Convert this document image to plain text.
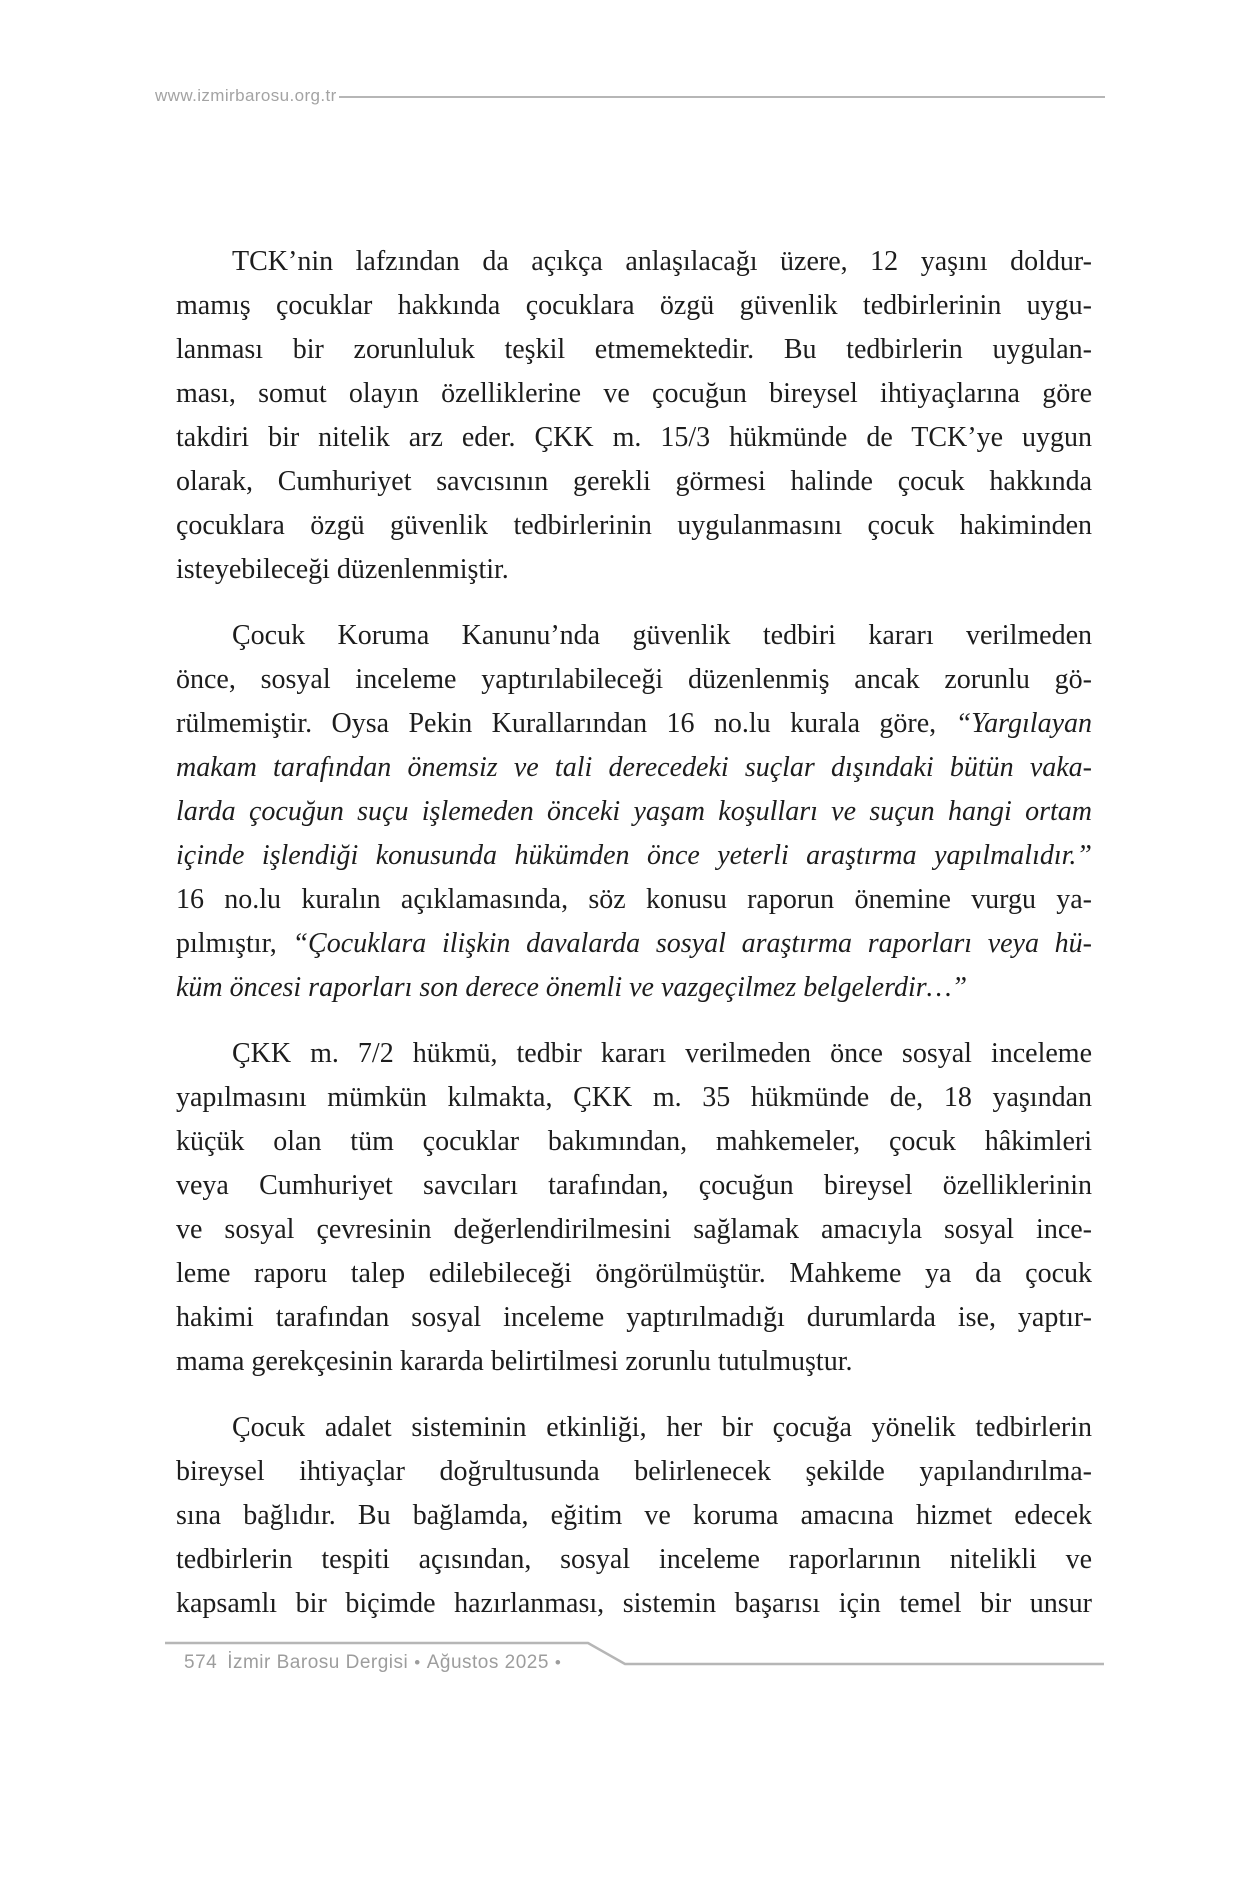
www.izmirbarosu.org.tr
TCK’nin lafzından da açıkça anlaşılacağı üzere, 12 yaşını doldur-
mamış çocuklar hakkında çocuklara özgü güvenlik tedbirlerinin uygu-
lanması bir zorunluluk teşkil etmemektedir. Bu tedbirlerin uygulan-
ması, somut olayın özelliklerine ve çocuğun bireysel ihtiyaçlarına göre
takdiri bir nitelik arz eder. ÇKK m. 15/3 hükmünde de TCK’ye uygun
olarak, Cumhuriyet savcısının gerekli görmesi halinde çocuk hakkında
çocuklara özgü güvenlik tedbirlerinin uygulanmasını çocuk hakiminden
isteyebileceği düzenlenmiştir.
Çocuk Koruma Kanunu’nda güvenlik tedbiri kararı verilmeden
önce, sosyal inceleme yaptırılabileceği düzenlenmiş ancak zorunlu gö-
rülmemiştir. Oysa Pekin Kurallarından 16 no.lu kurala göre, “Yargılayan
makam tarafından önemsiz ve tali derecedeki suçlar dışındaki bütün vaka-
larda çocuğun suçu işlemeden önceki yaşam koşulları ve suçun hangi ortam
içinde işlendiği konusunda hükümden önce yeterli araştırma yapılmalıdır.”
16 no.lu kuralın açıklamasında, söz konusu raporun önemine vurgu ya-
pılmıştır, “Çocuklara ilişkin davalarda sosyal araştırma raporları veya hü-
küm öncesi raporları son derece önemli ve vazgeçilmez belgelerdir…”
ÇKK m. 7/2 hükmü, tedbir kararı verilmeden önce sosyal inceleme
yapılmasını mümkün kılmakta, ÇKK m. 35 hükmünde de, 18 yaşından
küçük olan tüm çocuklar bakımından, mahkemeler, çocuk hâkimleri
veya Cumhuriyet savcıları tarafından, çocuğun bireysel özelliklerinin
ve sosyal çevresinin değerlendirilmesini sağlamak amacıyla sosyal ince-
leme raporu talep edilebileceği öngörülmüştür. Mahkeme ya da çocuk
hakimi tarafından sosyal inceleme yaptırılmadığı durumlarda ise, yaptır-
mama gerekçesinin kararda belirtilmesi zorunlu tutulmuştur.
Çocuk adalet sisteminin etkinliği, her bir çocuğa yönelik tedbirlerin
bireysel ihtiyaçlar doğrultusunda belirlenecek şekilde yapılandırılma-
sına bağlıdır. Bu bağlamda, eğitim ve koruma amacına hizmet edecek
tedbirlerin tespiti açısından, sosyal inceleme raporlarının nitelikli ve
kapsamlı bir biçimde hazırlanması, sistemin başarısı için temel bir unsur
574 İzmir Barosu Dergisi • Ağustos 2025 •
